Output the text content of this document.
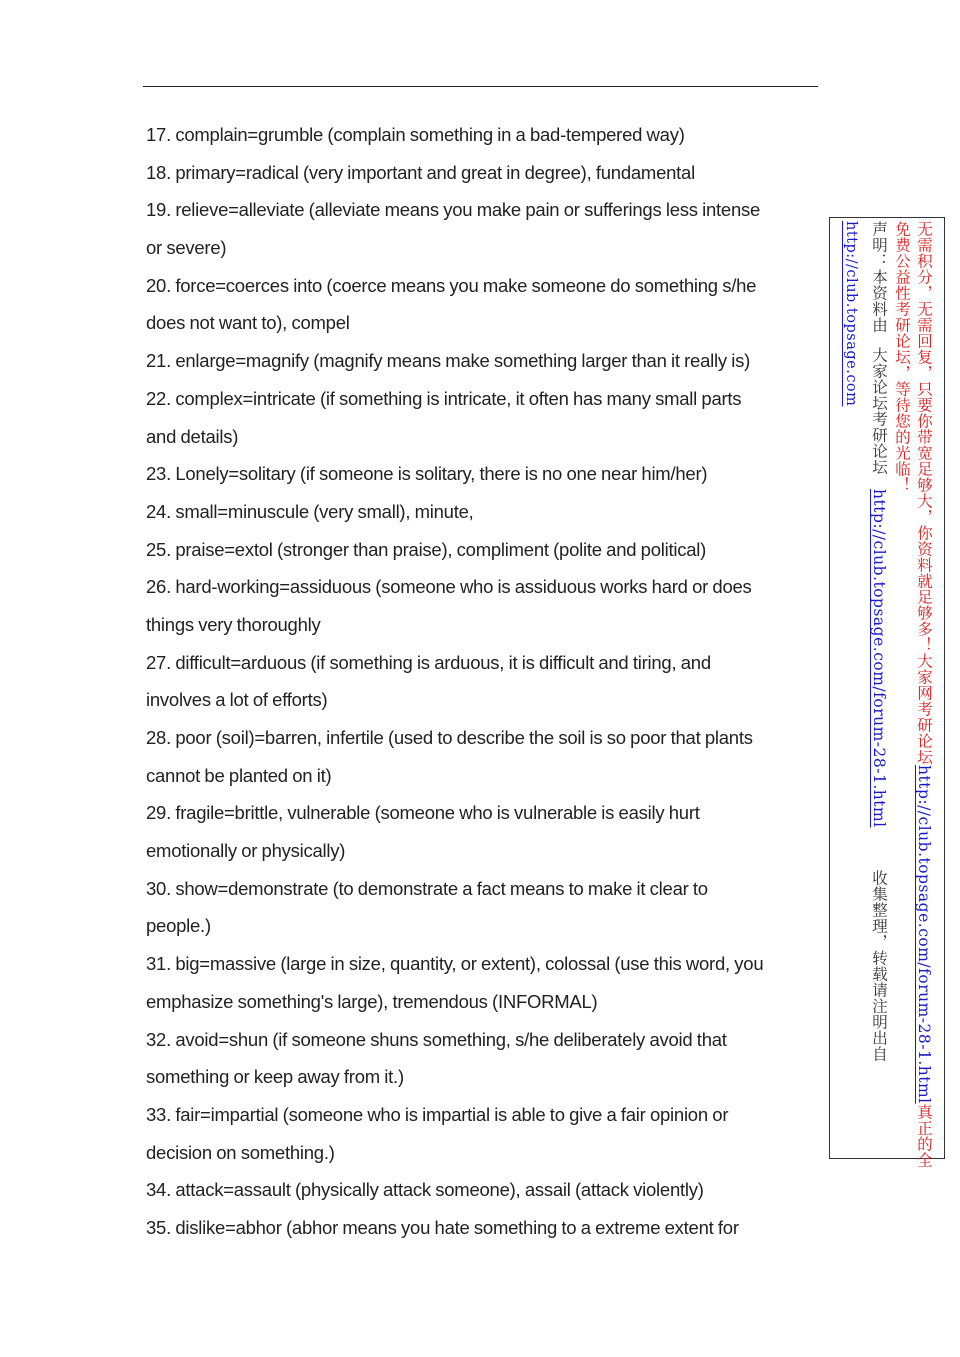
17. complain=grumble (complain something in a bad-tempered way)
18. primary=radical (very important and great in degree), fundamental
19. relieve=alleviate (alleviate means you make pain or sufferings less intense
or severe)
20. force=coerces into (coerce means you make someone do something s/he
does not want to), compel
21. enlarge=magnify (magnify means make something larger than it really is)
22. complex=intricate (if something is intricate, it often has many small parts
and details)
23. Lonely=solitary (if someone is solitary, there is no one near him/her)
24. small=minuscule (very small), minute,
25. praise=extol (stronger than praise), compliment (polite and political)
26. hard-working=assiduous (someone who is assiduous works hard or does
things very thoroughly
27. difficult=arduous (if something is arduous, it is difficult and tiring, and
involves a lot of efforts)
28. poor (soil)=barren, infertile (used to describe the soil is so poor that plants
cannot be planted on it)
29. fragile=brittle, vulnerable (someone who is vulnerable is easily hurt
emotionally or physically)
30. show=demonstrate (to demonstrate a fact means to make it clear to
people.)
31. big=massive (large in size, quantity, or extent), colossal (use this word, you
emphasize something's large), tremendous (INFORMAL)
32. avoid=shun (if someone shuns something, s/he deliberately avoid that
something or keep away from it.)
33. fair=impartial (someone who is impartial is able to give a fair opinion or
decision on something.)
34. attack=assault (physically attack someone), assail (attack violently)
35. dislike=abhor (abhor means you hate something to a extreme extent for
无需积分，无需回复，只要你带宽足够大，你资料就足够多！大家网考研论坛http://club.topsage.com/forum-28-1.html真正的全
免费公益性考研论坛，等待您的光临！
声明：本资料由大家论坛考研论坛http://club.topsage.com/forum-28-1.html收集整理，转载请注明出自
http://club.topsage.com
